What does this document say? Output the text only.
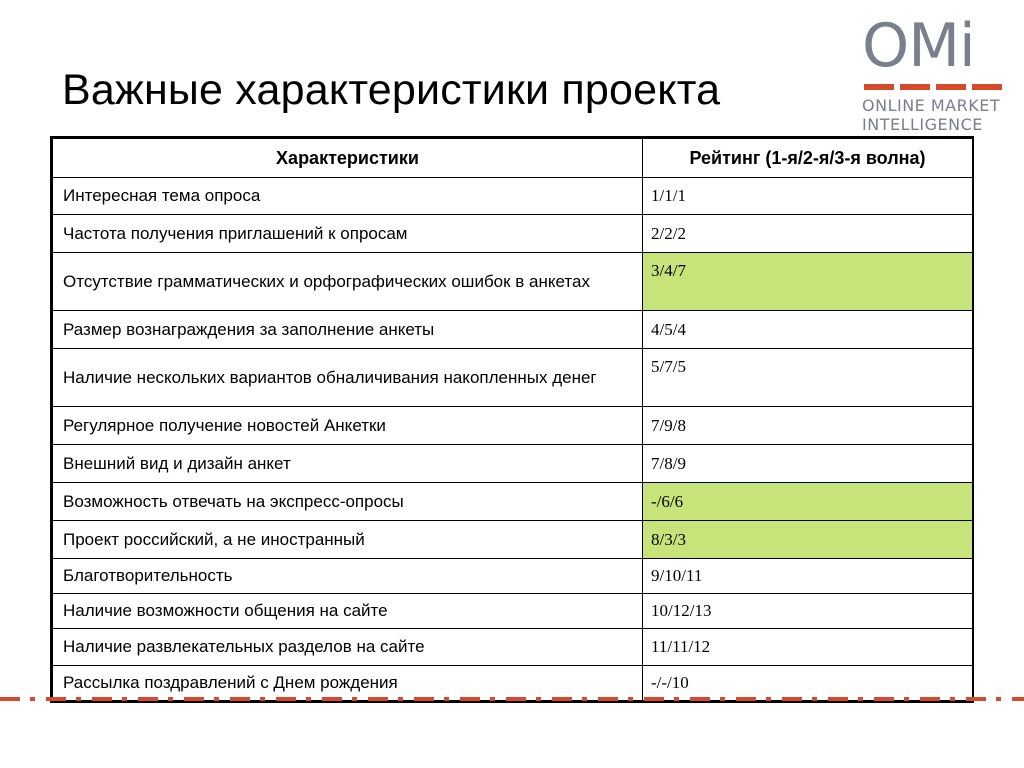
Важные характеристики проекта
OMi
ONLINE MARKET
INTELLIGENCE
Характеристики	Рейтинг (1-я/2-я/3-я волна)
Интересная тема опроса	1/1/1
Частота получения приглашений к опросам	2/2/2
Отсутствие грамматических и орфографических ошибок в анкетах	3/4/7
Размер вознаграждения за заполнение анкеты	4/5/4
Наличие нескольких вариантов обналичивания накопленных денег	5/7/5
Регулярное получение новостей Анкетки	7/9/8
Внешний вид и дизайн анкет	7/8/9
Возможность отвечать на экспресс-опросы	-/6/6
Проект российский, а не иностранный	8/3/3
Благотворительность	9/10/11
Наличие возможности общения на сайте	10/12/13
Наличие развлекательных разделов на сайте	11/11/12
Рассылка поздравлений с Днем рождения	-/-/10
